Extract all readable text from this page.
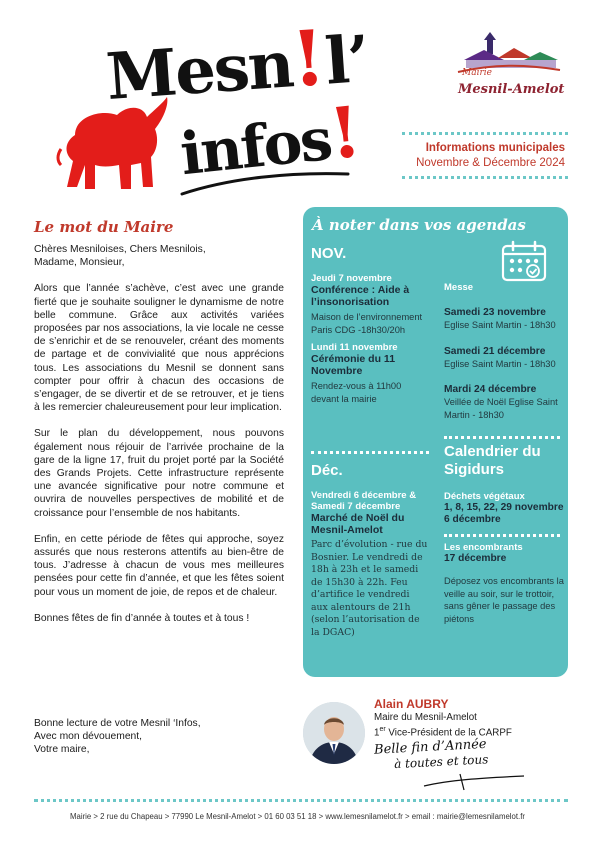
Mesn!l’
infos!
Mairie
Mesnil-Amelot
Informations municipales
Novembre & Décembre 2024
Le mot du Maire

Chères Mesniloises, Chers Mesnilois,

Madame, Monsieur,

Alors que l’année s’achève, c’est avec une grande fierté que je souhaite souligner le dynamisme de notre belle commune. Grâce aux activités variées proposées par nos associations, la vie locale ne cesse de s’enrichir et de se renouveler, créant des moments de partage et de convivialité que nous apprécions tous. Les associations du Mesnil se donnent sans compter pour offrir à chacun des occasions de s’engager, de se divertir et de se retrouver, et je tiens à les remercier chaleureusement pour leur implication.

Sur le plan du développement, nous pouvons également nous réjouir de l’arrivée prochaine de la gare de la ligne 17, fruit du projet porté par la Société des Grands Projets. Cette infrastructure représente une avancée significative pour notre commune et ouvrira de nouvelles perspectives de mobilité et de croissance pour l’ensemble de nos habitants.

Enfin, en cette période de fêtes qui approche, soyez assurés que nous resterons attentifs au bien-être de tous. J’adresse à chacun de vous mes meilleures pensées pour cette fin d’année, et que les fêtes soient pour vous un moment de joie, de repos et de chaleur.

Bonnes fêtes de fin d’année à toutes et à tous !

Bonne lecture de votre Mesnil ‘Infos,

Avec mon dévouement,

Votre maire,

À noter dans vos agendas
NOV.
Jeudi 7 novembre
Conférence : Aide à l’insonorisation
Maison de l’environnement Paris CDG -18h30/20h
Lundi 11 novembre
Cérémonie du 11 Novembre
Rendez-vous à 11h00 devant la mairie
Déc.
Vendredi 6 décembre & Samedi 7 décembre
Marché de Noël du Mesnil-Amelot
Parc d’évolution - rue du Bosnier. Le vendredi de 18h à 23h et le samedi de 15h30 à 22h. Feu d’artifice le vendredi aux alentours de 21h (selon l’autorisation de la DGAC)
Messe
Samedi 23 novembre
Eglise Saint Martin - 18h30
Samedi 21 décembre
Eglise Saint Martin - 18h30
Mardi 24 décembre
Veillée de Noël Eglise Saint Martin - 18h30
Calendrier du Sigidurs
Déchets végétaux
1, 8, 15, 22, 29 novembre
6 décembre
Les encombrants
17 décembre
Déposez vos encombrants la veille au soir, sur le trottoir, sans gêner le passage des piétons
Alain AUBRY
Maire du Mesnil-Amelot
1er Vice-Président de la CARPF
Belle fin d’Année
à toutes et tous
Mairie > 2 rue du Chapeau > 77990 Le Mesnil-Amelot > 01 60 03 51 18 > www.lemesnilamelot.fr > email : mairie@lemesnilamelot.fr
